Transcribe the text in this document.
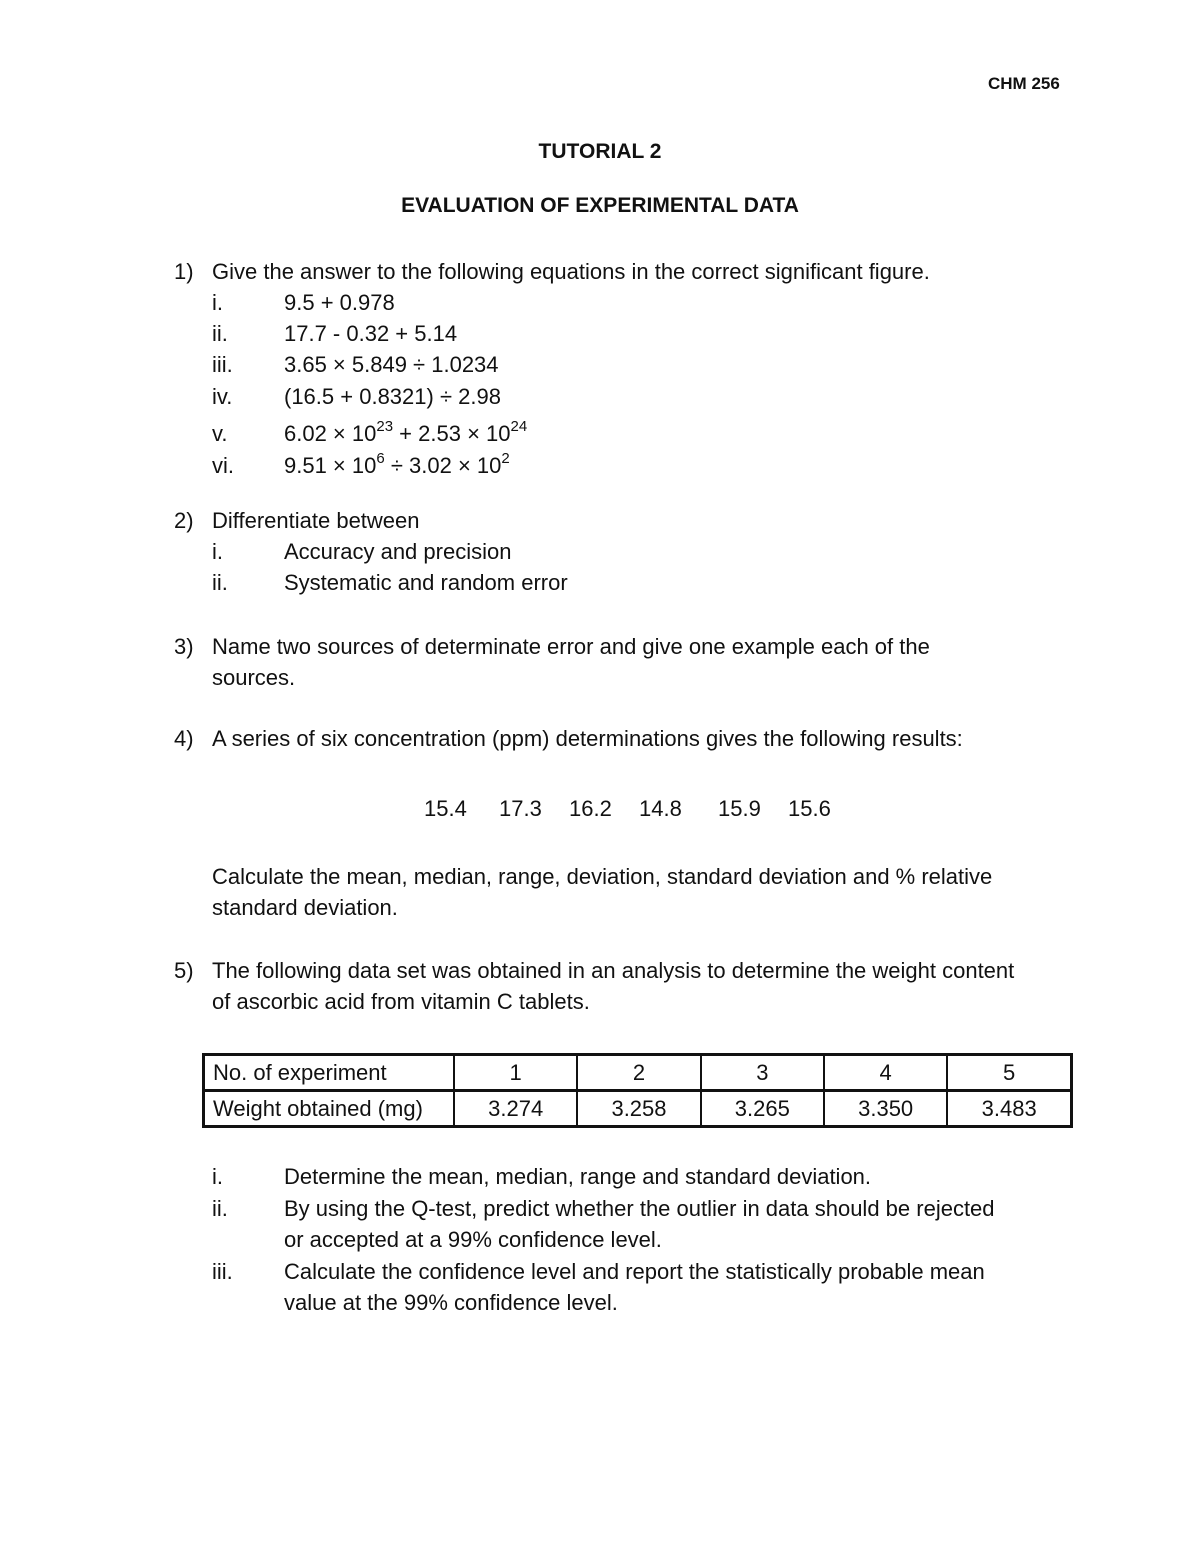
CHM 256
TUTORIAL 2
EVALUATION OF EXPERIMENTAL DATA
1) Give the answer to the following equations in the correct significant figure.
i.	9.5 + 0.978
ii.	17.7 - 0.32 + 5.14
iii. 3.65 × 5.849 ÷ 1.0234
iv. (16.5 + 0.8321) ÷ 2.98
v.	$6.02 \times 10^{23} + 2.53 \times 10^{24}$
vi. $9.51 \times 10^6 \div 3.02 \times 10^2$
2) Differentiate between
i.	Accuracy and precision
ii.	Systematic and random error
3) Name two sources of determinate error and give one example each of the
sources.
4) A series of six concentration (ppm) determinations gives the following results:
15.4 17.3 16.2 14.8 15.9 15.6
Calculate the mean, median, range, deviation, standard deviation and % relative
standard deviation.
5) The following data set was obtained in an analysis to determine the weight content
of ascorbic acid from vitamin C tablets.
No. of experiment	1	2	3	4	5
Weight obtained (mg)	3.274	3.258	3.265	3.350	3.483
i.	Determine the mean, median, range and standard deviation.
ii.	By using the Q-test, predict whether the outlier in data should be rejected
or accepted at a 99% confidence level.
iii. Calculate the confidence level and report the statistically probable mean
value at the 99% confidence level.
